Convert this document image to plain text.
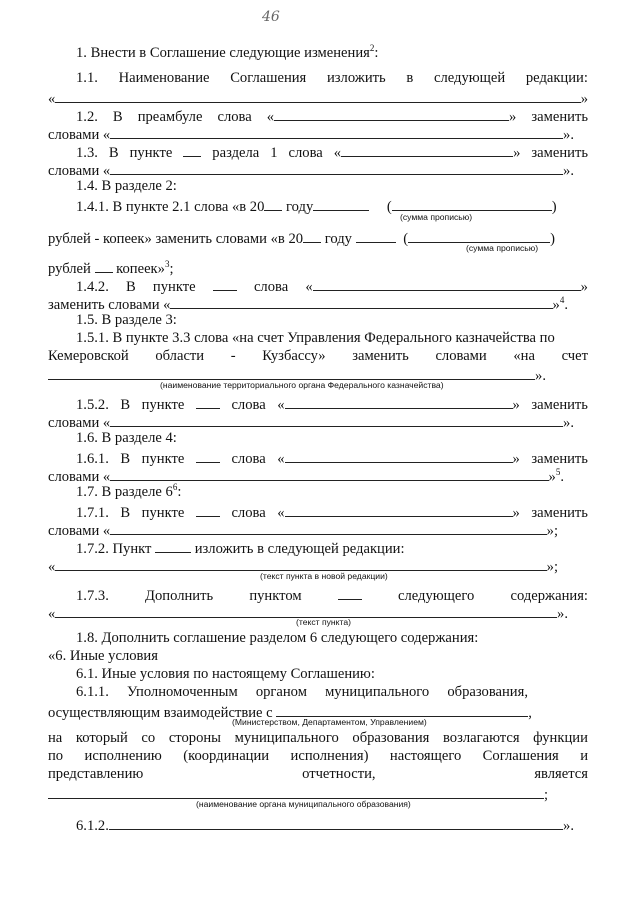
46
1. Внести в Соглашение следующие изменения$^2$:
1.1. Наименование Соглашения изложить в следующей редакции:
«	»
1.2. В преамбуле слова «	» заменить
словами «	».
1.3. В пункте	раздела 1 слова «	» заменить
словами «	».
1.4. В разделе 2:
1.4.1. В пункте 2.1 слова «в 20 году	(	)
(сумма прописью)
рублей - копеек» заменить словами «в 20 году	(	)
(сумма прописью)
рублей  копеек»$^3$;
1.4.2. В пункте	слова «	»
заменить словами «	»$^4$.
1.5. В разделе 3:
1.5.1. В пункте 3.3 слова «на счет Управления Федерального казначейства по
Кемеровской области - Кузбассу» заменить словами «на счет
».
(наименование территориального органа Федерального казначейства)
1.5.2. В пункте	слова «	» заменить
словами «	».
1.6. В разделе 4:
1.6.1. В пункте	слова «	» заменить
словами «	»$^5$.
1.7. В разделе $6^6$:
1.7.1. В пункте	слова «	» заменить
словами «	»;
1.7.2. Пункт	изложить в следующей редакции:
«	»;
(текст пункта в новой редакции)
1.7.3. Дополнить пунктом	следующего содержания:
«	».
(текст пункта)
1.8. Дополнить соглашение разделом 6 следующего содержания:
«6. Иные условия
6.1. Иные условия по настоящему Соглашению:
6.1.1. Уполномоченным органом муниципального образования,
осуществляющим взаимодействие с	,
(Министерством, Департаментом, Управлением)
на который со стороны муниципального образования возлагаются функции
по исполнению (координации исполнения) настоящего Соглашения и
представлению	отчетности,	является
;
(наименование органа муниципального образования)
6.1.2.	».
